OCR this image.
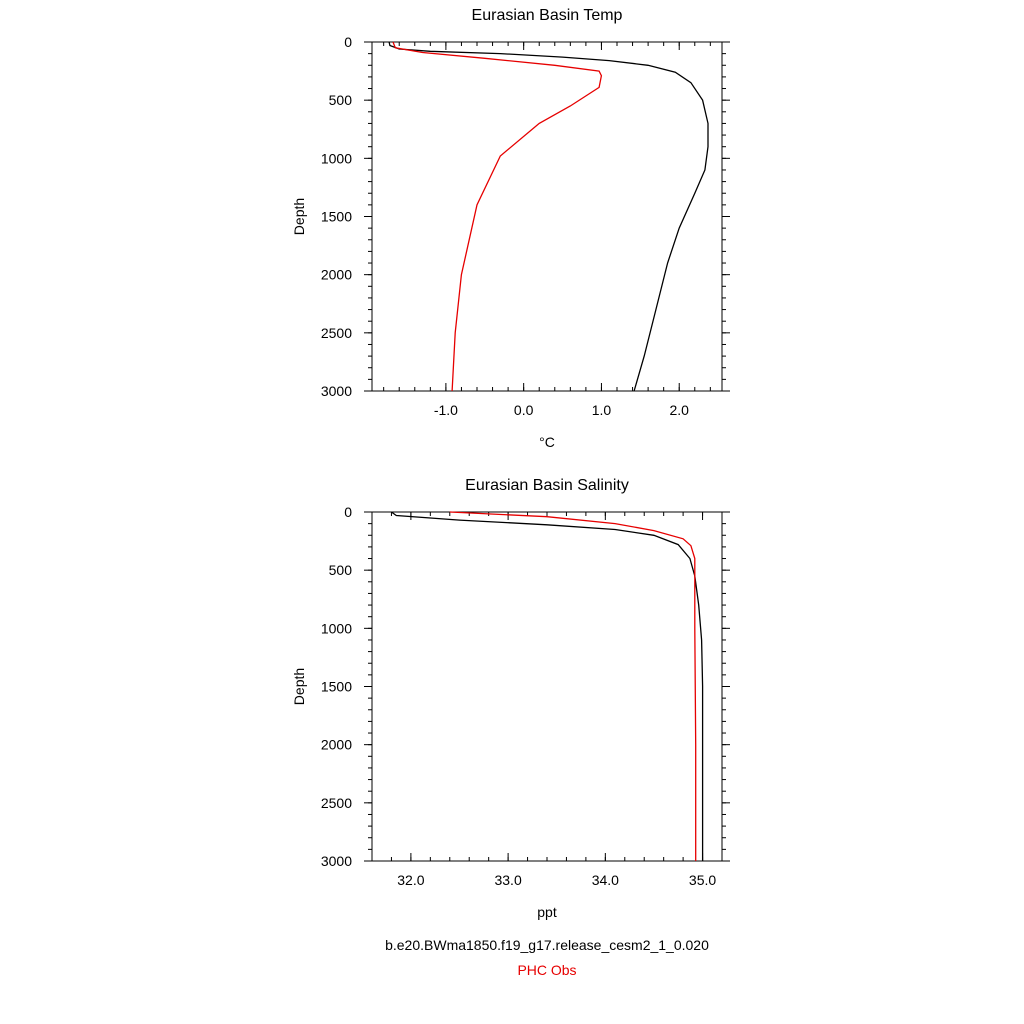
-1.0	0.0	1.0	2.0
0
500
1000
1500
2000
2500
3000
Eurasian Basin Temp
°C
Depth
32.0	33.0	34.0	35.0
0
500
1000
1500
2000
2500
3000
Eurasian Basin Salinity
ppt
Depth
b.e20.BWma1850.f19_g17.release_cesm2_1_0.020
PHC Obs
